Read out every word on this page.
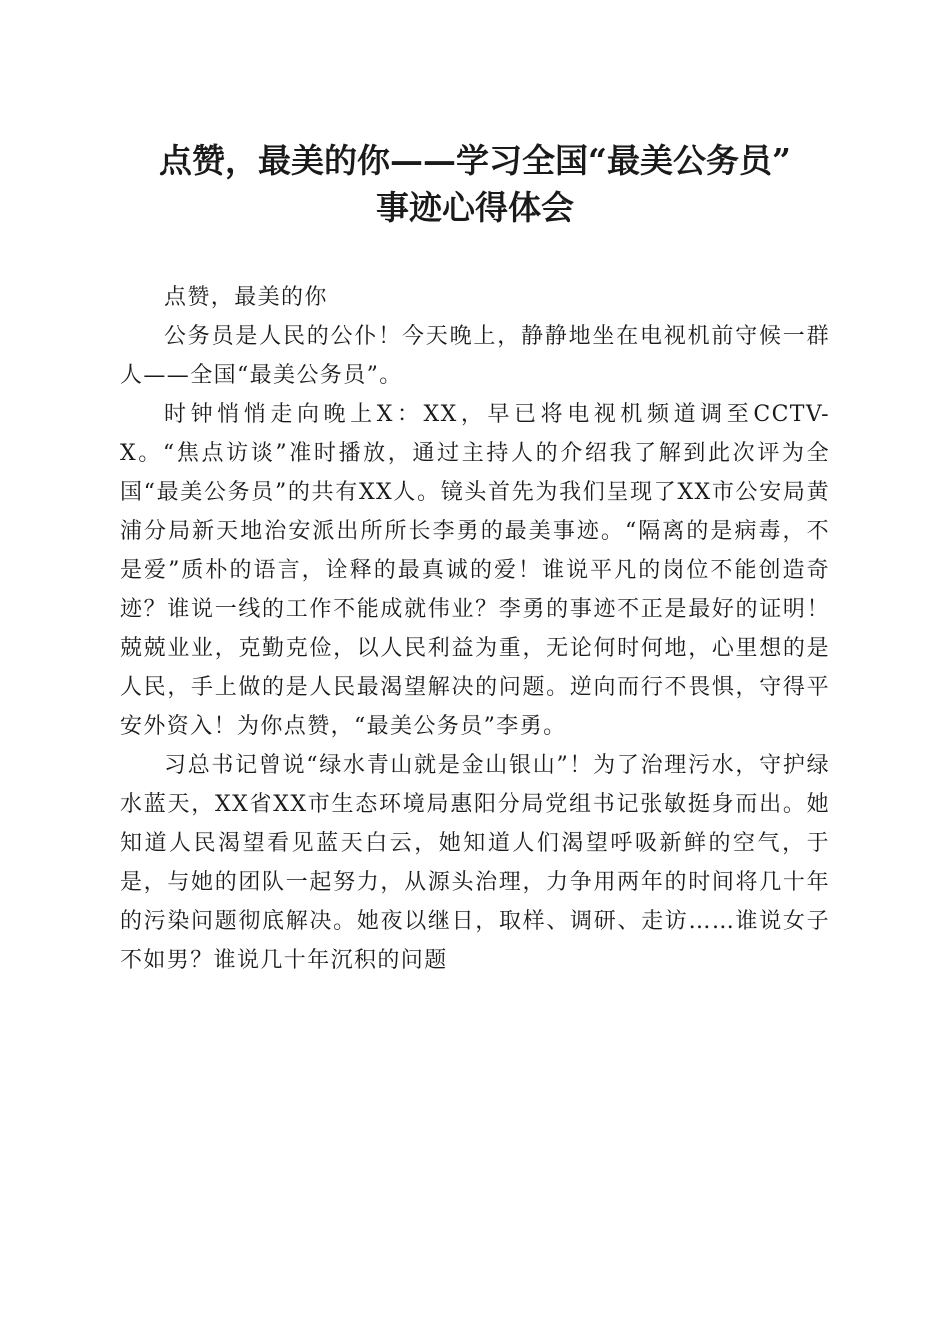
点赞，最美的你——学习全国“最美公务员”
事迹心得体会

点赞，最美的你

公务员是人民的公仆！今天晚上，静静地坐在电视机前守候一群人——全国“最美公务员”。

时钟悄悄走向晚上X：XX，早已将电视机频道调至CCTV-X。“焦点访谈”准时播放，通过主持人的介绍我了解到此次评为全国“最美公务员”的共有XX人。镜头首先为我们呈现了XX市公安局黄浦分局新天地治安派出所所长李勇的最美事迹。“隔离的是病毒，不是爱”质朴的语言，诠释的最真诚的爱！谁说平凡的岗位不能创造奇迹？谁说一线的工作不能成就伟业？李勇的事迹不正是最好的证明！兢兢业业，克勤克俭，以人民利益为重，无论何时何地，心里想的是人民，手上做的是人民最渴望解决的问题。逆向而行不畏惧，守得平安外资入！为你点赞，“最美公务员”李勇。

习总书记曾说“绿水青山就是金山银山”！为了治理污水，守护绿水蓝天，XX省XX市生态环境局惠阳分局党组书记张敏挺身而出。她知道人民渴望看见蓝天白云，她知道人们渴望呼吸新鲜的空气，于是，与她的团队一起努力，从源头治理，力争用两年的时间将几十年的污染问题彻底解决。她夜以继日，取样、调研、走访……谁说女子不如男？谁说几十年沉积的问题
